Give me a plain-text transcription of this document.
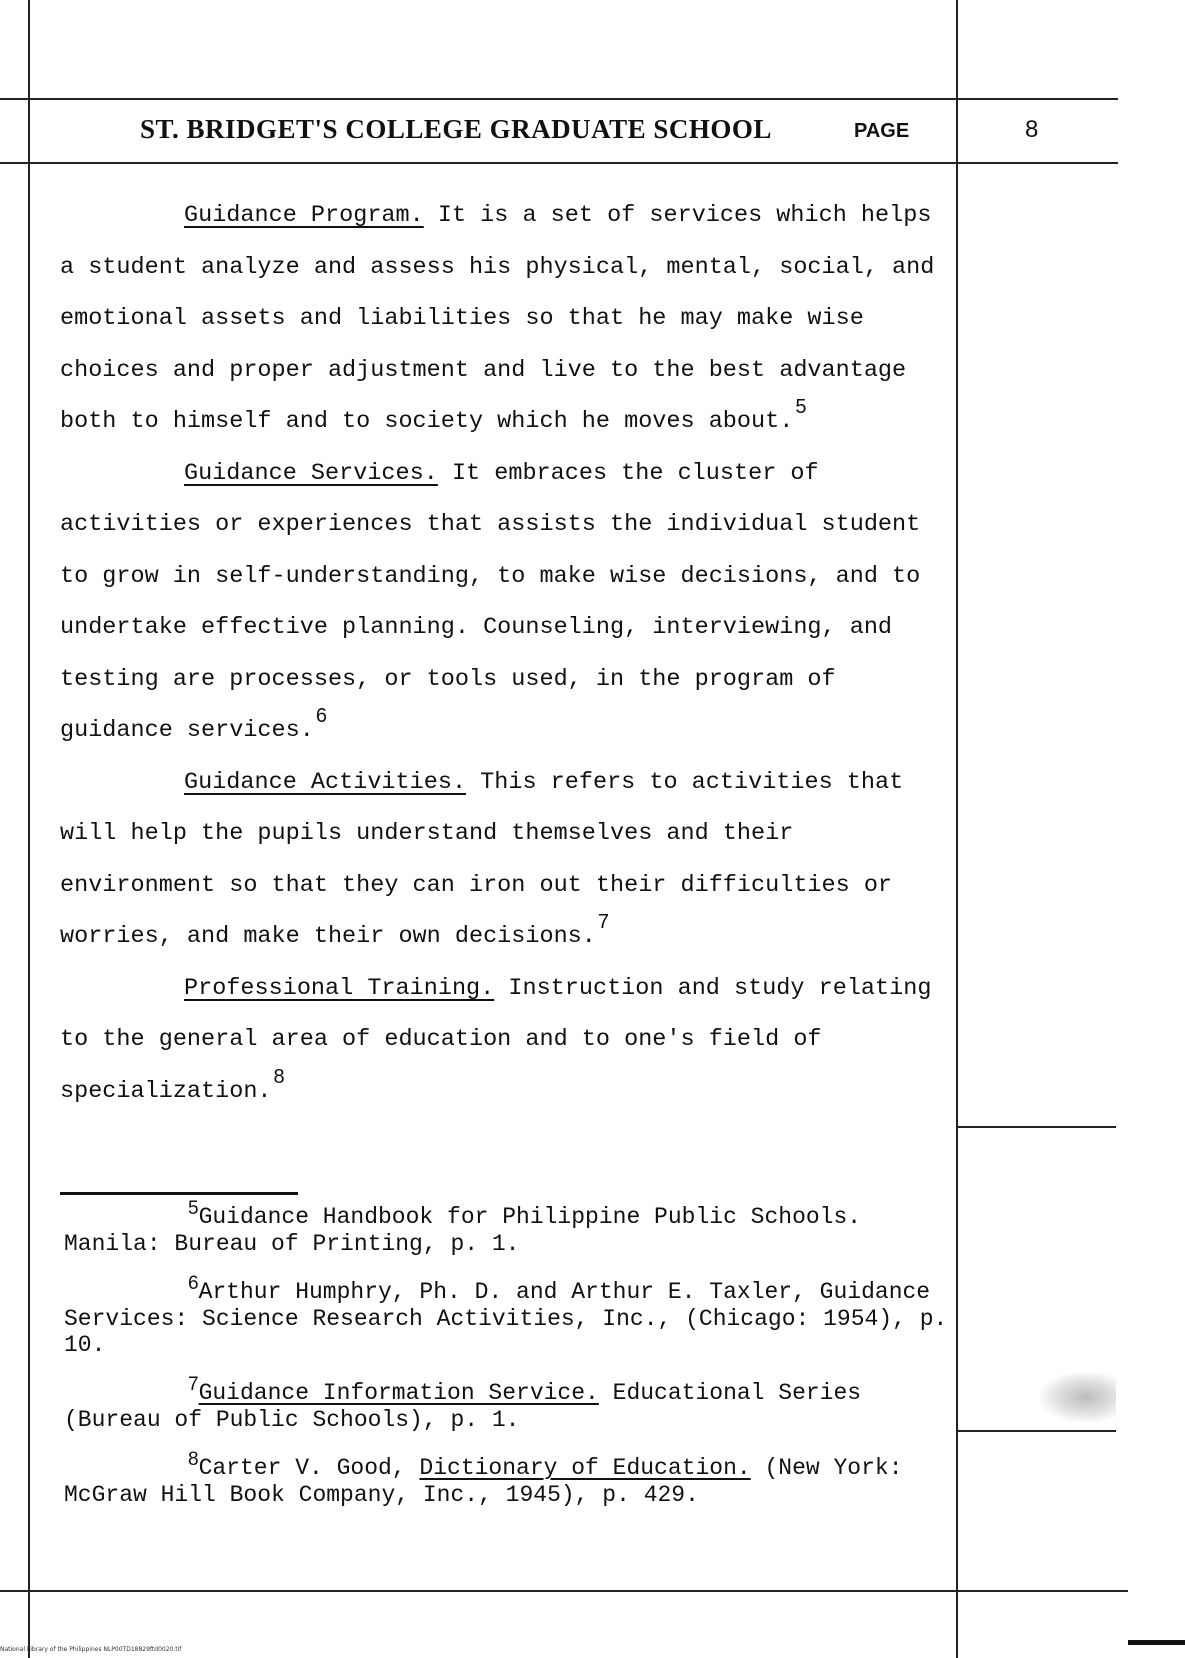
ST. BRIDGET'S COLLEGE GRADUATE SCHOOL	PAGE	8

Guidance Program. It is a set of services which helps a student analyze and assess his physical, mental, social, and emotional assets and liabilities so that he may make wise choices and proper adjustment and live to the best advantage both to himself and to society which he moves about.5

Guidance Services. It embraces the cluster of activities or experiences that assists the individual student to grow in self-understanding, to make wise decisions, and to undertake effective planning. Counseling, interviewing, and testing are processes, or tools used, in the program of guidance services.6

Guidance Activities. This refers to activities that will help the pupils understand themselves and their environment so that they can iron out their difficulties or worries, and make their own decisions.7

Professional Training. Instruction and study relating to the general area of education and to one's field of specialization.8

$^5$Guidance Handbook for Philippine Public Schools. Manila: Bureau of Printing, p. 1.

$^6$Arthur Humphry, Ph. D. and Arthur E. Taxler, Guidance Services: Science Research Activities, Inc., (Chicago: 1954), p. 10.

$^7$Guidance Information Service. Educational Series (Bureau of Public Schools), p. 1.

$^8$Carter V. Good, Dictionary of Education. (New York: McGraw Hill Book Company, Inc., 1945), p. 429.

National Library of the Philippines NLP00TD18829ftd0020.tif
